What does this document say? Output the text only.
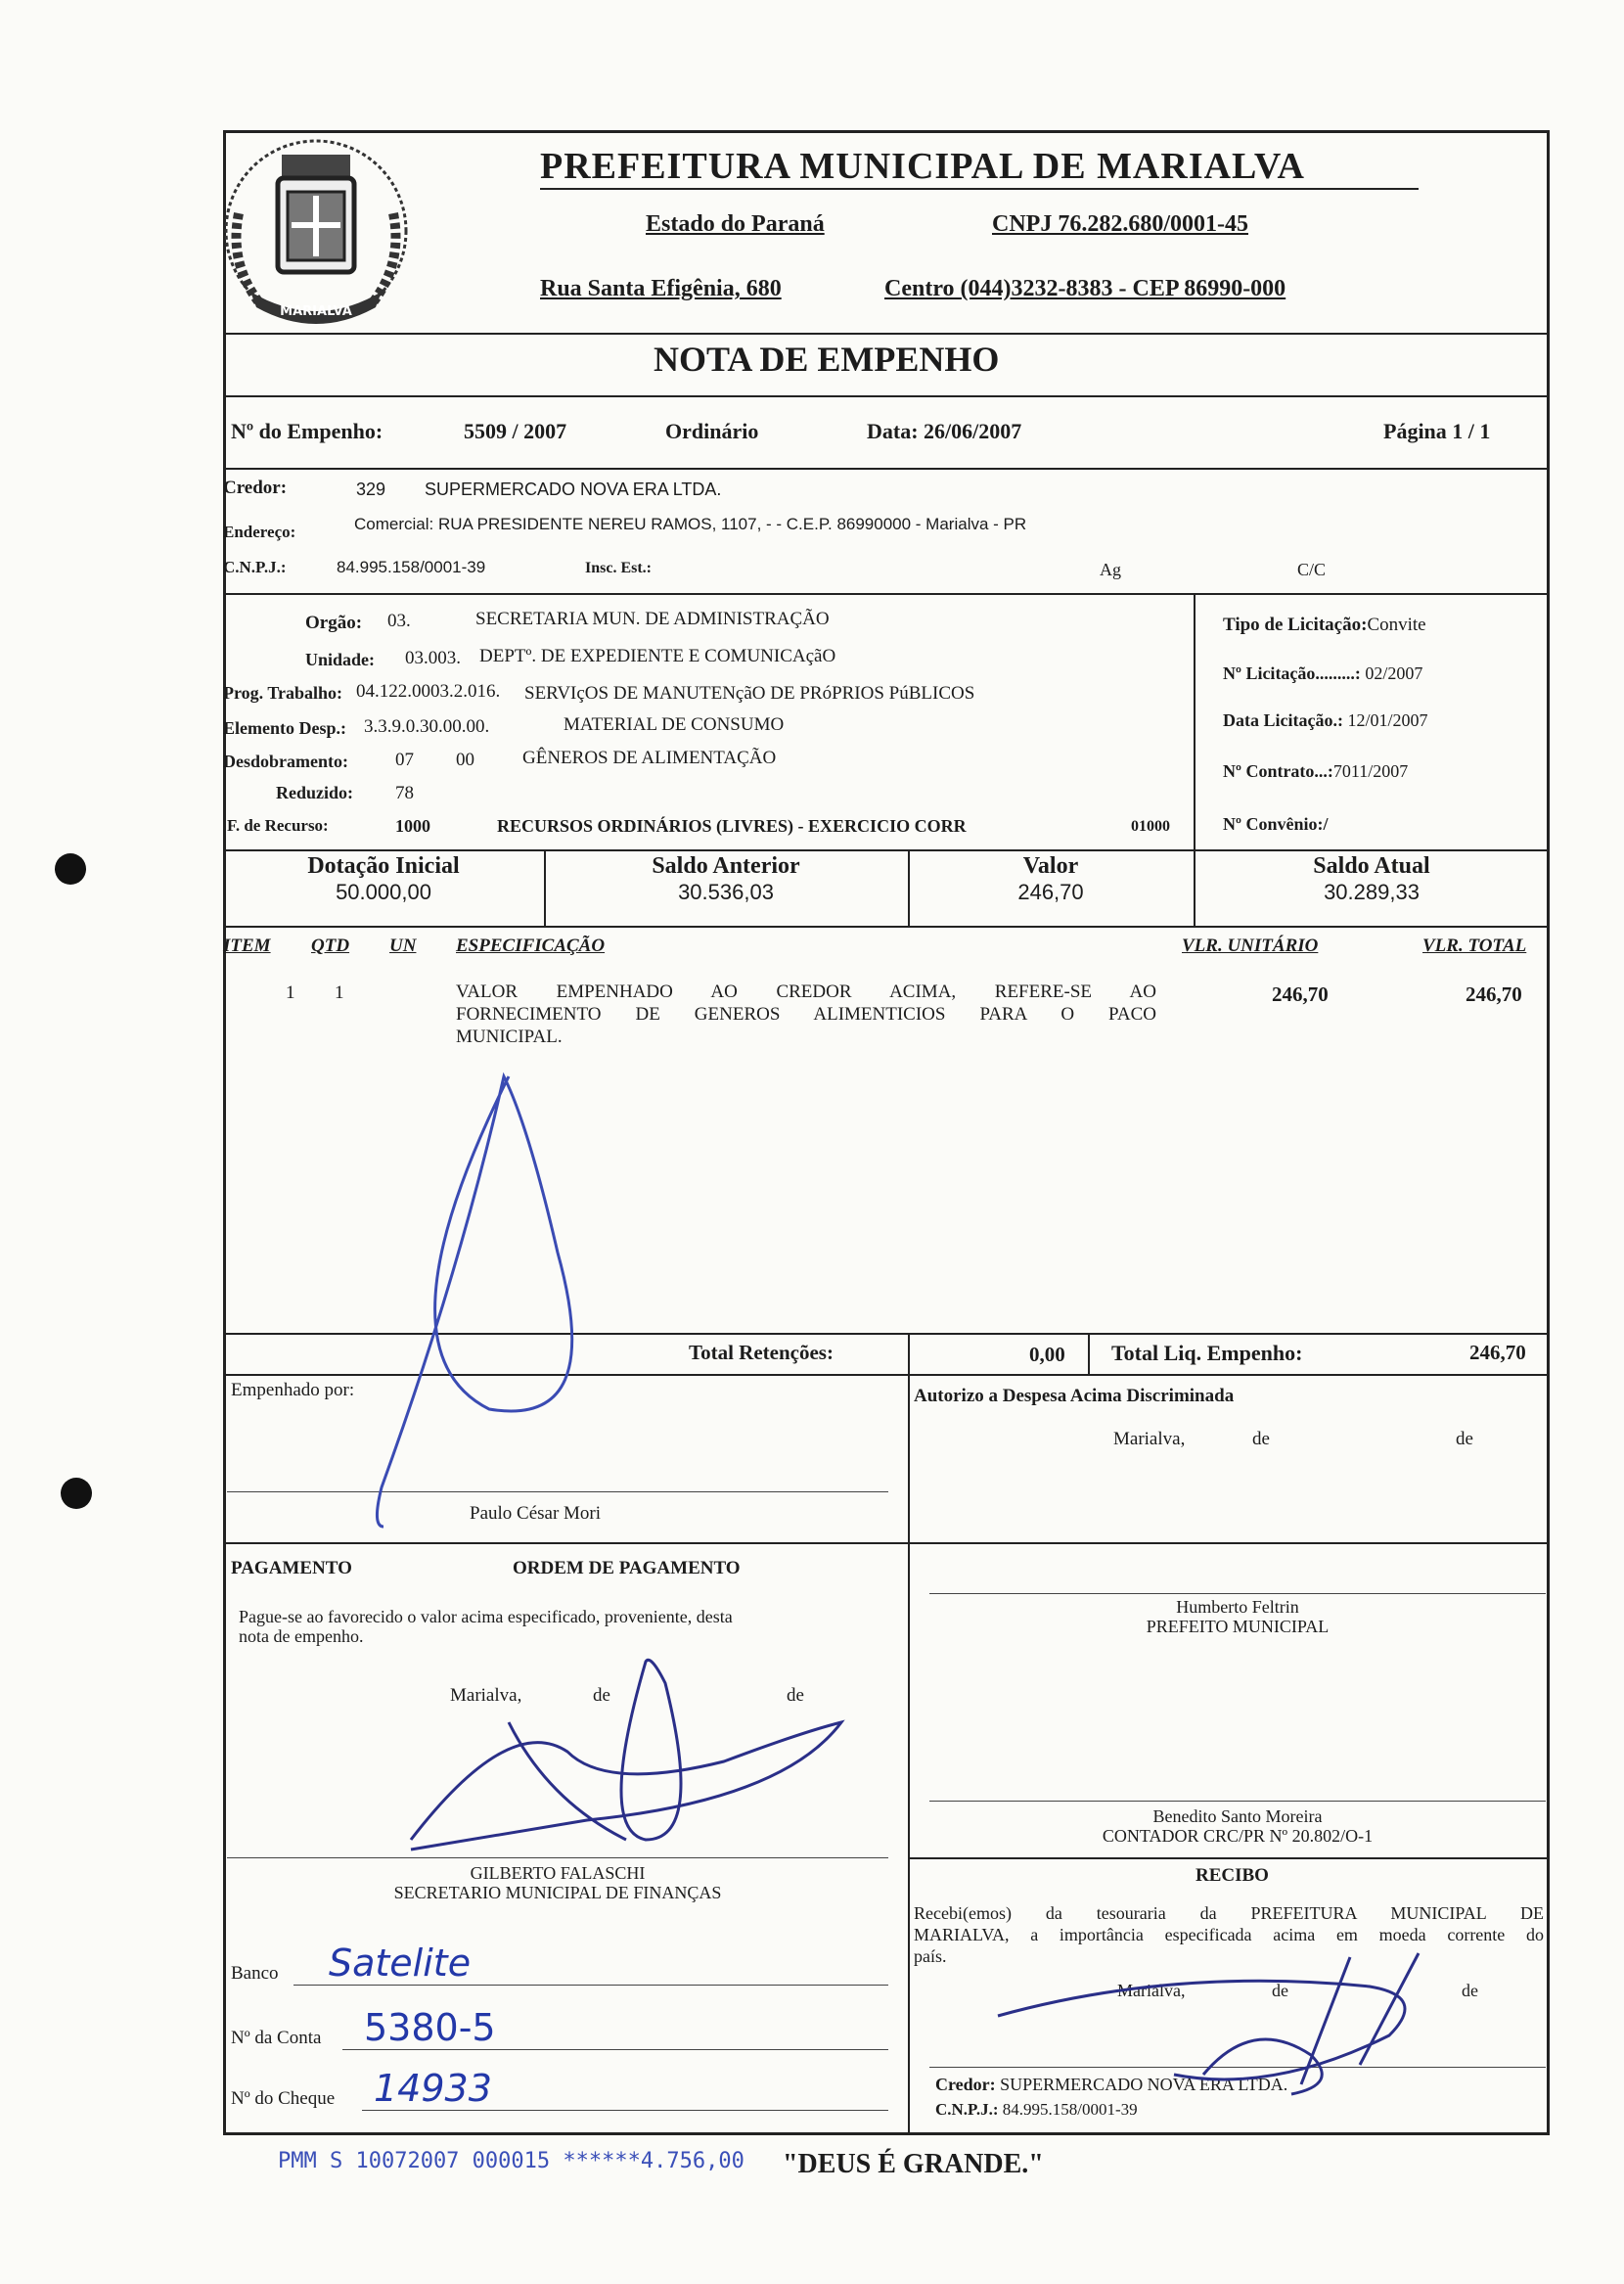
MARIALVA
PREFEITURA MUNICIPAL DE MARIALVA
Estado do Paraná	CNPJ 76.282.680/0001-45
Rua Santa Efigênia, 680	Centro (044)3232-8383 - CEP 86990-000
NOTA DE EMPENHO
Nº do Empenho:	5509 / 2007	Ordinário	Data: 26/06/2007	Página 1 / 1
Credor:	329 SUPERMERCADO NOVA ERA LTDA.
Endereço:	Comercial: RUA PRESIDENTE NEREU RAMOS, 1107, - - C.E.P. 86990000 - Marialva - PR
C.N.P.J.:	84.995.158/0001-39	Insc. Est.:	Ag	C/C
Orgão: 03.	SECRETARIA MUN. DE ADMINISTRAÇÃO
Unidade: 03.003. DEPTº. DE EXPEDIENTE E COMUNICAçãO
Prog. Trabalho: 04.122.0003.2.016. SERVIçOS DE MANUTENçãO DE PRóPRIOS PúBLICOS
Elemento Desp.: 3.3.9.0.30.00.00.	MATERIAL DE CONSUMO
Desdobramento:	07 00	GÊNEROS DE ALIMENTAÇÃO
Reduzido: 78
F. de Recurso:	1000	RECURSOS ORDINÁRIOS (LIVRES) - EXERCICIO CORR	01000
Tipo de Licitação:Convite
Nº Licitação.........: 02/2007
Data Licitação.: 12/01/2007
Nº Contrato...:7011/2007
Nº Convênio:/
Dotação Inicial
50.000,00
Saldo Anterior
30.536,03
Valor
246,70
Saldo Atual
30.289,33
ITEM QTD UN ESPECIFICAÇÃO	VLR. UNITÁRIO	VLR. TOTAL
1 1	VALOR EMPENHADO AO CREDOR ACIMA, REFERE-SE AO
FORNECIMENTO DE GENEROS ALIMENTICIOS PARA O PACO
MUNICIPAL.
246,70	246,70
Total Retenções:	0,00 Total Liq. Empenho:	246,70
Empenhado por:
Paulo César Mori
Autorizo a Despesa Acima Discriminada
Marialva,	de	de
Humberto Feltrin
PREFEITO MUNICIPAL
Benedito Santo Moreira
CONTADOR CRC/PR Nº 20.802/O-1
PAGAMENTO	ORDEM DE PAGAMENTO
Pague-se ao favorecido o valor acima especificado, proveniente, desta
nota de empenho.
Marialva,	de	de
GILBERTO FALASCHI
SECRETARIO MUNICIPAL DE FINANÇAS
RECIBO
Recebi(emos) da tesouraria da PREFEITURA MUNICIPAL DE
MARIALVA, a importância especificada acima em moeda corrente do
país.
Marialva,	de	de
Credor: SUPERMERCADO NOVA ERA LTDA.
C.N.P.J.: 84.995.158/0001-39
Banco Satelite
Nº da Conta 5380-5
Nº do Cheque 14933
"DEUS É GRANDE."
PMM S 10072007 000015 ******4.756,00
